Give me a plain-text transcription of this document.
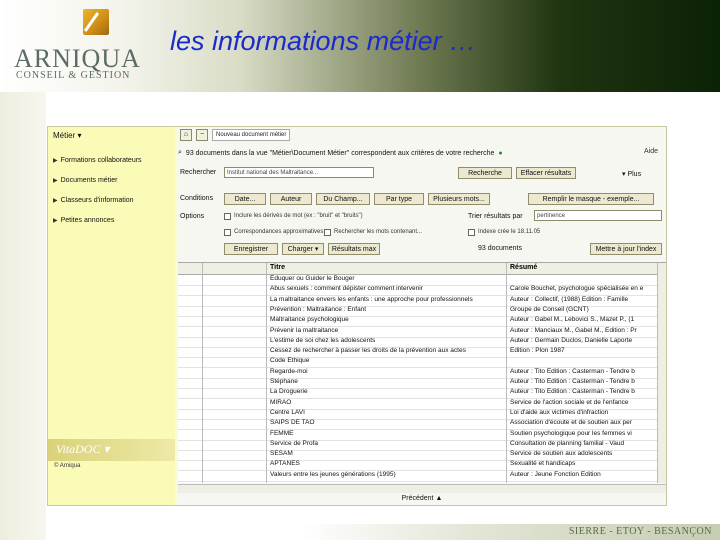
ARNIQUA
CONSEIL & GESTION
les informations métier …
Métier ▾
▶ Formations collaborateurs
▶ Documents métier
▶ Classeurs d'information
▶ Petites annonces
VitaDOC ▾
© Arniqua
⌂	−	Nouveau document métier
⌕ 93 documents dans la vue "Métier\Document Métier" correspondent aux critères de votre recherche ●	Aide
Rechercher	Institut national des Maltraitance...	Recherche	Effacer résultats	▾ Plus
Conditions	Date...	Auteur	Du Champ...	Par type	Plusieurs mots...	Remplir le masque - exemple...
Options	Inclure les dérivés de mot (ex : "bruit" et "bruits")	Trier résultats par	pertinence
Correspondances approximatives Rechercher les mots contenant...	Indexe crée le 18.11.05
Enregistrer	Charger ▾	Résultats max	93 documents	Mettre à jour l'index
Titre	Résumé
Éduquer ou Guider le Bouger
Abus sexuels : comment dépister comment intervenir	Carole Bouchet, psychologue spécialisée en e
La maltraitance envers les enfants : une approche pour professionnels	Auteur : Collectif, (1988) Edition : Famille
Prévention : Maltraitance : Enfant	Groupe de Conseil (GCNT)
Maltraitance psychologique	Auteur : Gabel M., Lebovici S., Mazet P., (1
Prévenir la maltraitance	Auteur : Manciaux M., Gabel M., Edition : Pr
L'estime de soi chez les adolescents	Auteur : Germain Duclos, Danielle Laporte
Cessez de rechercher à passer les droits de la prévention aux actes	Edition : Plon 1987
Code Éthique
Regarde-moi	Auteur : Tito Édition : Casterman - Tendre b
Stéphane	Auteur : Tito Édition : Casterman - Tendre b
La Droguerie	Auteur : Tito Édition : Casterman - Tendre b
MIRAO	Service de l'action sociale et de l'enfance
Centre LAVI	Loi d'aide aux victimes d'infraction
SAIPS DE TAO	Association d'écoute et de soutien aux per
FEMME	Soutien psychologique pour les femmes vi
Service de Profa	Consultation de planning familial - Vaud
SESAM	Service de soutien aux adolescents
APTANES	Sexualité et handicaps
Valeurs entre les jeunes générations (1995)	Auteur : Jeune Fonction Édition
Précédent ▲
SIERRE - ETOY - BESANÇON
